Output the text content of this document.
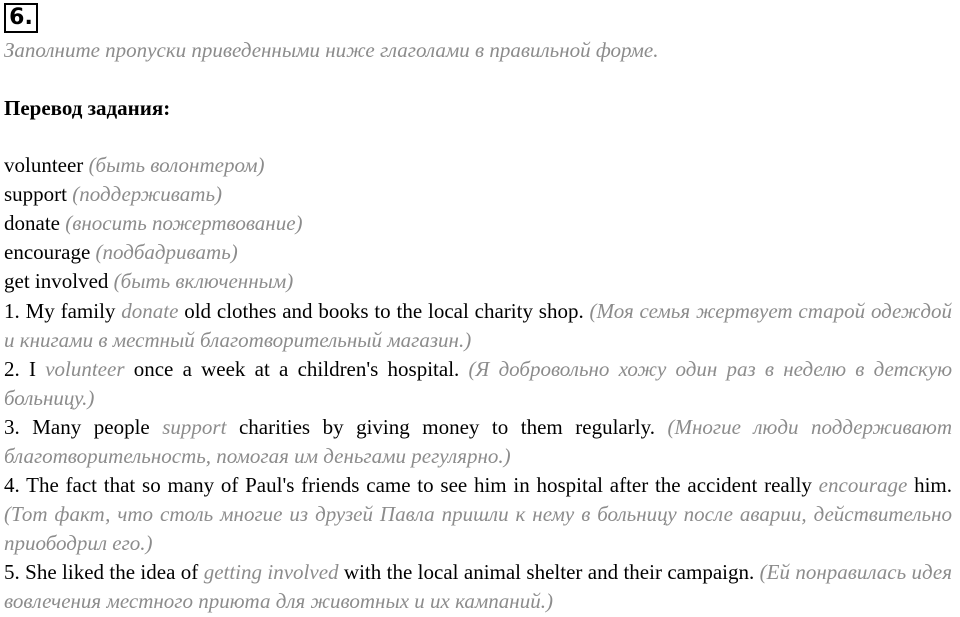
6.
Заполните пропуски приведенными ниже глаголами в правильной форме.
Перевод задания:
volunteer (быть волонтером)
support (поддерживать)
donate (вносить пожертвование)
encourage (подбадривать)
get involved (быть включенным)
1. My family donate old clothes and books to the local charity shop. (Моя семья жертвует старой одеждой и книгами в местный благотворительный магазин.)
2. I volunteer once a week at a children's hospital. (Я добровольно хожу один раз в неделю в детскую больницу.)
3. Many people support charities by giving money to them regularly. (Многие люди поддерживают благотворительность, помогая им деньгами регулярно.)
4. The fact that so many of Paul's friends came to see him in hospital after the accident really encourage him. (Тот факт, что столь многие из друзей Павла пришли к нему в больницу после аварии, действительно приободрил его.)
5. She liked the idea of getting involved with the local animal shelter and their campaign. (Ей понравилась идея вовлечения местного приюта для животных и их кампаний.)
